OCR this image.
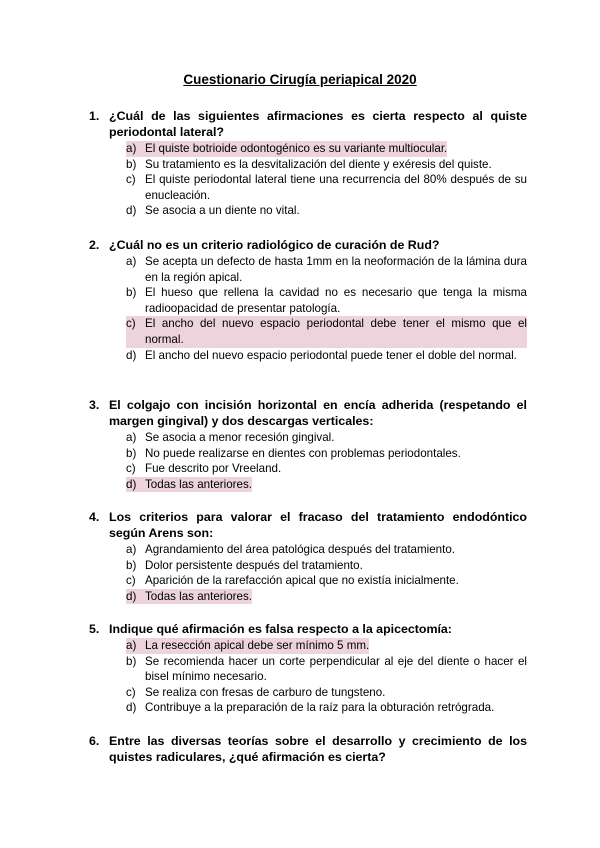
Cuestionario Cirugía periapical 2020
1. ¿Cuál de las siguientes afirmaciones es cierta respecto al quiste periodontal lateral?
a) El quiste botrioide odontogénico es su variante multiocular.
b) Su tratamiento es la desvitalización del diente y exéresis del quiste.
c) El quiste periodontal lateral tiene una recurrencia del 80% después de su enucleación.
d) Se asocia a un diente no vital.
2. ¿Cuál no es un criterio radiológico de curación de Rud?
a) Se acepta un defecto de hasta 1mm en la neoformación de la lámina dura en la región apical.
b) El hueso que rellena la cavidad no es necesario que tenga la misma radioopacidad de presentar patología.
c) El ancho del nuevo espacio periodontal debe tener el mismo que el normal.
d) El ancho del nuevo espacio periodontal puede tener el doble del normal.
3. El colgajo con incisión horizontal en encía adherida (respetando el margen gingival) y dos descargas verticales:
a) Se asocia a menor recesión gingival.
b) No puede realizarse en dientes con problemas periodontales.
c) Fue descrito por Vreeland.
d) Todas las anteriores.
4. Los criterios para valorar el fracaso del tratamiento endodóntico según Arens son:
a) Agrandamiento del área patológica después del tratamiento.
b) Dolor persistente después del tratamiento.
c) Aparición de la rarefacción apical que no existía inicialmente.
d) Todas las anteriores.
5. Indique qué afirmación es falsa respecto a la apicectomía:
a) La resección apical debe ser mínimo 5 mm.
b) Se recomienda hacer un corte perpendicular al eje del diente o hacer el bisel mínimo necesario.
c) Se realiza con fresas de carburo de tungsteno.
d) Contribuye a la preparación de la raíz para la obturación retrógrada.
6. Entre las diversas teorías sobre el desarrollo y crecimiento de los quistes radiculares, ¿qué afirmación es cierta?
